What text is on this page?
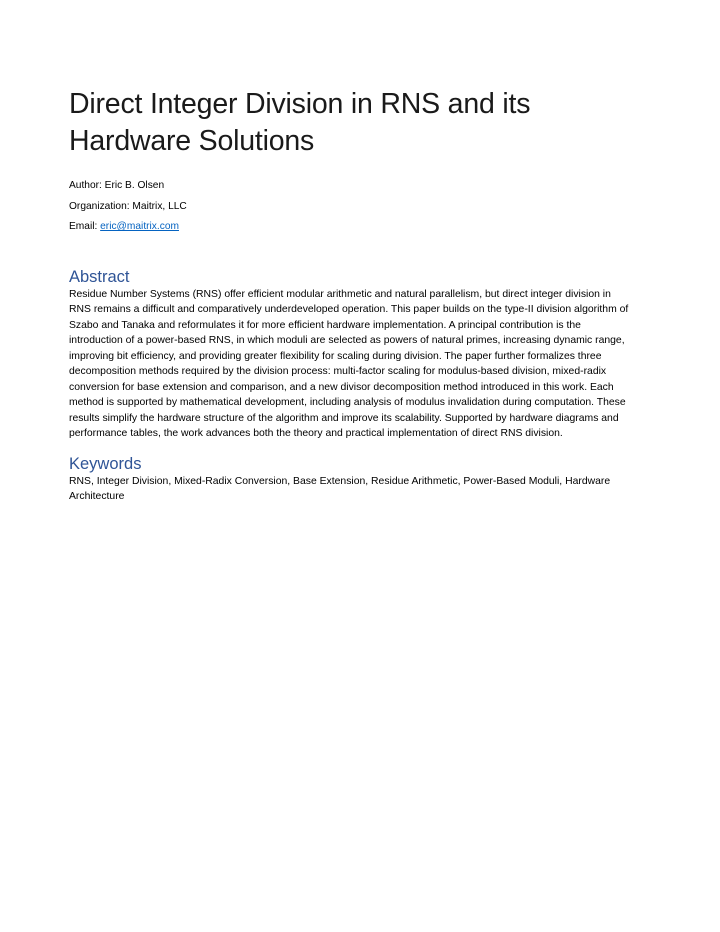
Direct Integer Division in RNS and its
Hardware Solutions
Author: Eric B. Olsen
Organization: Maitrix, LLC
Email: eric@maitrix.com
Abstract

Residue Number Systems (RNS) offer efficient modular arithmetic and natural parallelism, but direct integer division in RNS remains a difficult and comparatively underdeveloped operation. This paper builds on the type-II division algorithm of Szabo and Tanaka and reformulates it for more efficient hardware implementation. A principal contribution is the introduction of a power-based RNS, in which moduli are selected as powers of natural primes, increasing dynamic range, improving bit efficiency, and providing greater flexibility for scaling during division. The paper further formalizes three decomposition methods required by the division process: multi-factor scaling for modulus-based division, mixed-radix conversion for base extension and comparison, and a new divisor decomposition method introduced in this work. Each method is supported by mathematical development, including analysis of modulus invalidation during computation. These results simplify the hardware structure of the algorithm and improve its scalability. Supported by hardware diagrams and performance tables, the work advances both the theory and practical implementation of direct RNS division.

Keywords

RNS, Integer Division, Mixed-Radix Conversion, Base Extension, Residue Arithmetic, Power-Based Moduli, Hardware Architecture
